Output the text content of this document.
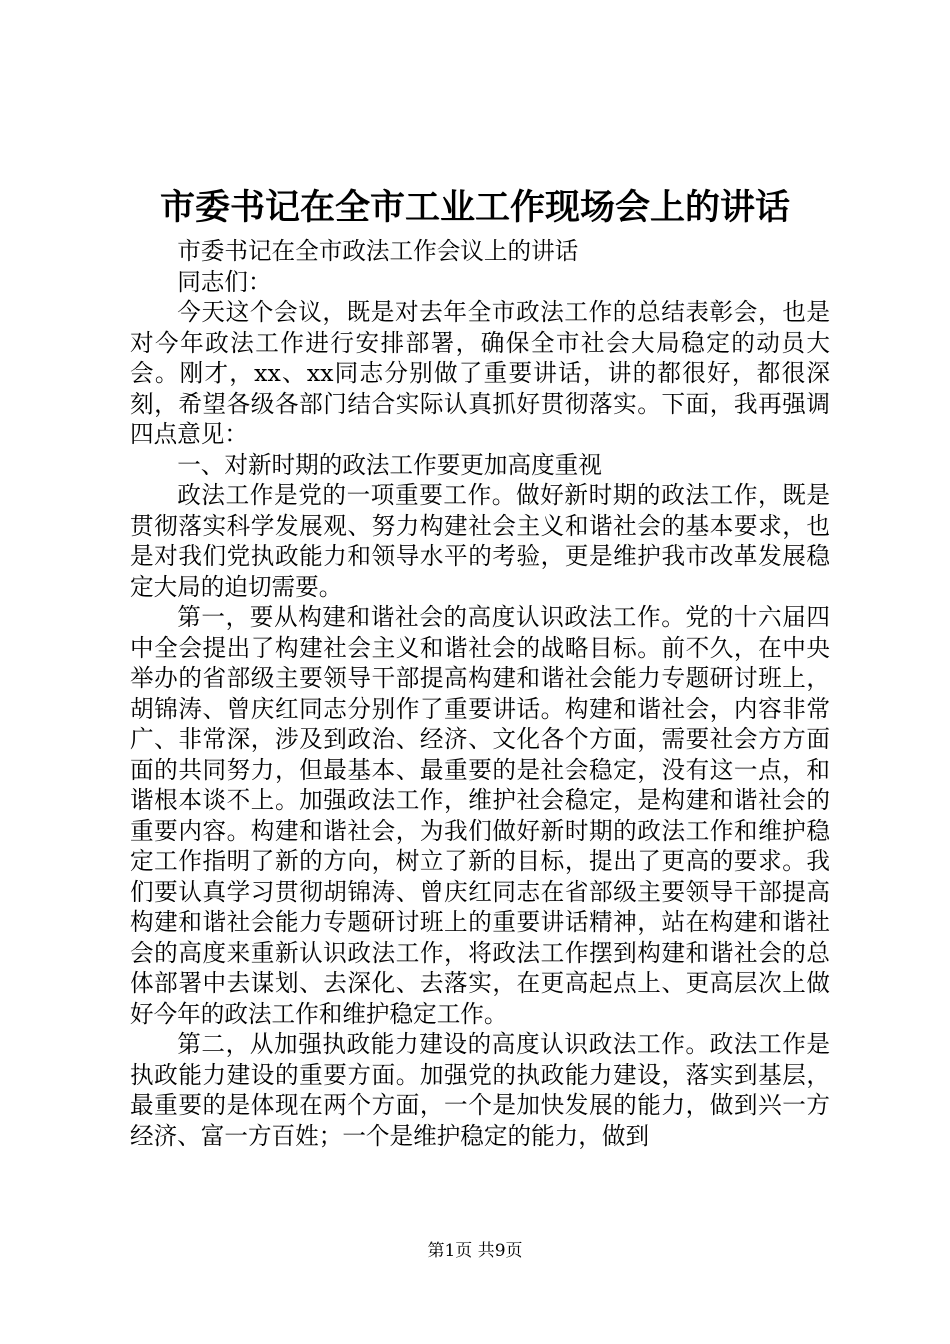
市委书记在全市工业工作现场会上的讲话

市委书记在全市政法工作会议上的讲话

同志们：

今天这个会议，既是对去年全市政法工作的总结表彰会，也是对今年政法工作进行安排部署，确保全市社会大局稳定的动员大会。刚才，xx、xx同志分别做了重要讲话，讲的都很好，都很深刻，希望各级各部门结合实际认真抓好贯彻落实。下面，我再强调四点意见：

一、对新时期的政法工作要更加高度重视

政法工作是党的一项重要工作。做好新时期的政法工作，既是贯彻落实科学发展观、努力构建社会主义和谐社会的基本要求，也是对我们党执政能力和领导水平的考验，更是维护我市改革发展稳定大局的迫切需要。

第一，要从构建和谐社会的高度认识政法工作。党的十六届四中全会提出了构建社会主义和谐社会的战略目标。前不久，在中央举办的省部级主要领导干部提高构建和谐社会能力专题研讨班上，胡锦涛、曾庆红同志分别作了重要讲话。构建和谐社会，内容非常广、非常深，涉及到政治、经济、文化各个方面，需要社会方方面面的共同努力，但最基本、最重要的是社会稳定，没有这一点，和谐根本谈不上。加强政法工作，维护社会稳定，是构建和谐社会的重要内容。构建和谐社会，为我们做好新时期的政法工作和维护稳定工作指明了新的方向，树立了新的目标，提出了更高的要求。我们要认真学习贯彻胡锦涛、曾庆红同志在省部级主要领导干部提高构建和谐社会能力专题研讨班上的重要讲话精神，站在构建和谐社会的高度来重新认识政法工作，将政法工作摆到构建和谐社会的总体部署中去谋划、去深化、去落实，在更高起点上、更高层次上做好今年的政法工作和维护稳定工作。

第二，从加强执政能力建设的高度认识政法工作。政法工作是执政能力建设的重要方面。加强党的执政能力建设，落实到基层，最重要的是体现在两个方面，一个是加快发展的能力，做到兴一方经济、富一方百姓；一个是维护稳定的能力，做到

第1页 共9页
